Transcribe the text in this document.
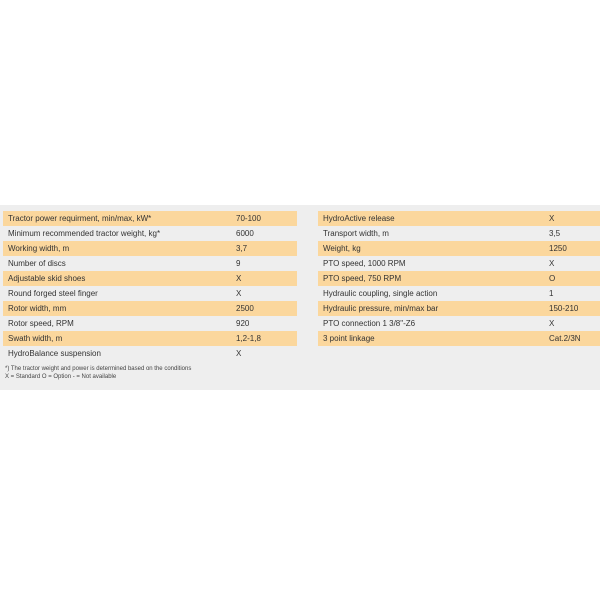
Tractor power requirment, min/max, kW*	70-100
Minimum recommended tractor weight, kg*	6000
Working width, m	3,7
Number of discs	9
Adjustable skid shoes	X
Round forged steel finger	X
Rotor width, mm	2500
Rotor speed, RPM	920
Swath width, m	1,2-1,8
HydroBalance suspension	X
HydroActive release	X
Transport width, m	3,5
Weight, kg	1250
PTO speed, 1000 RPM	X
PTO speed, 750 RPM	O
Hydraulic coupling, single action	1
Hydraulic pressure, min/max bar	150-210
PTO connection 1 3/8"-Z6	X
3 point linkage	Cat.2/3N
*) The tractor weight and power is determined based on the conditions
X = Standard O = Option - = Not available
